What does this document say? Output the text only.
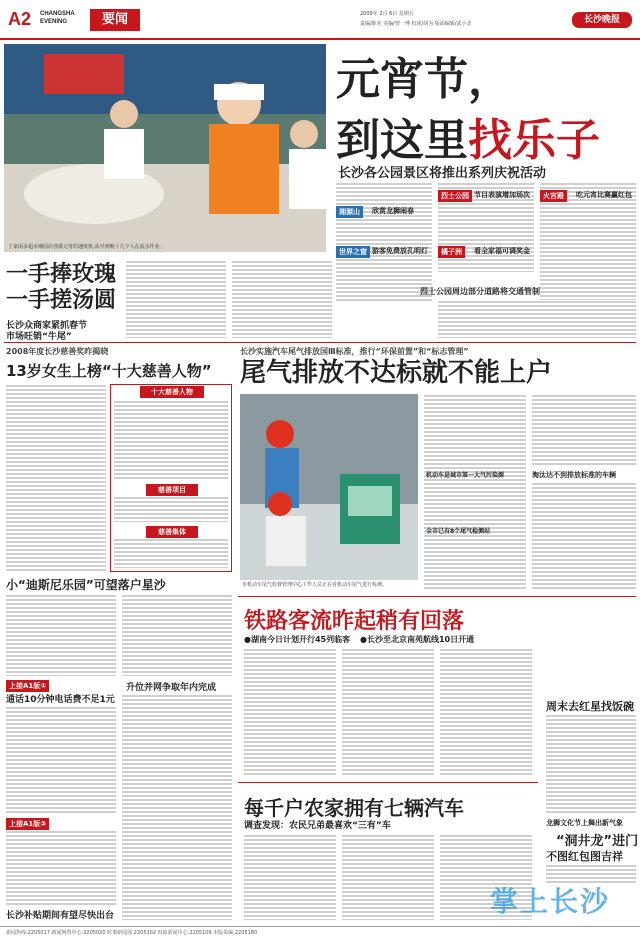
A2 CHANGSHA
EVENING	要闻	2009年 2月 6日 星期五
责编/陈名 美编/曾一博 校读/胡为 版面编辑/武小北	长沙晚报
丁家闲多超市湘园店各做元宵的速度机,从早到晚十几个人在流水作业。
元宵节，
到这里找乐子
长沙各公园景区将推出系列庆祝活动
湘源山	欣赏龙狮闹春
世界之窗 游客免费放孔明灯
烈士公园 节目表演增加场次
橘子洲	看全家福可调奖金
火宫殿	吃元宵比赛赢红包
烈士公园周边部分道路将交通管制
一手捧玫瑰
一手搓汤圆
长沙众商家紧抓春节
市场旺销“牛尾”
2008年度长沙慈善奖昨揭晓
13岁女生上榜“十大慈善人物”
十大慈善人物
慈善项目
慈善集体
小“迪斯尼乐园”可望落户星沙
长沙实施汽车尾气排放国Ⅲ标准，推行“环保前置”和“标志管理”
尾气排放不达标就不能上户
市机动车尾气监督管理中心工作人员正在对机动车尾气进行检测。
淘汰达不到排放标准的车辆
机动车是城市第一大气污染源
全市已有8个尾气检测站
铁路客流昨起稍有回落
●湖南今日计划开行45列临客 ●长沙至北京南苑航线10日开通
升位并网争取年内完成
上接A1版①
通话10分钟电话费不足1元
上接A1版②
长沙补贴期间有望尽快出台
每千户农家拥有七辆汽车
调查发现：农民兄弟最喜欢“三有”车
周末去红星找饭碗
龙狮文化节上舞出新气象
“洞井龙”进门
不图红包图吉祥
掌上长沙
新闻热线:2205017 新闻网络中心:2205020 时事新闻部:2205102 时政新闻中心:2205109 本版采编:2205180
